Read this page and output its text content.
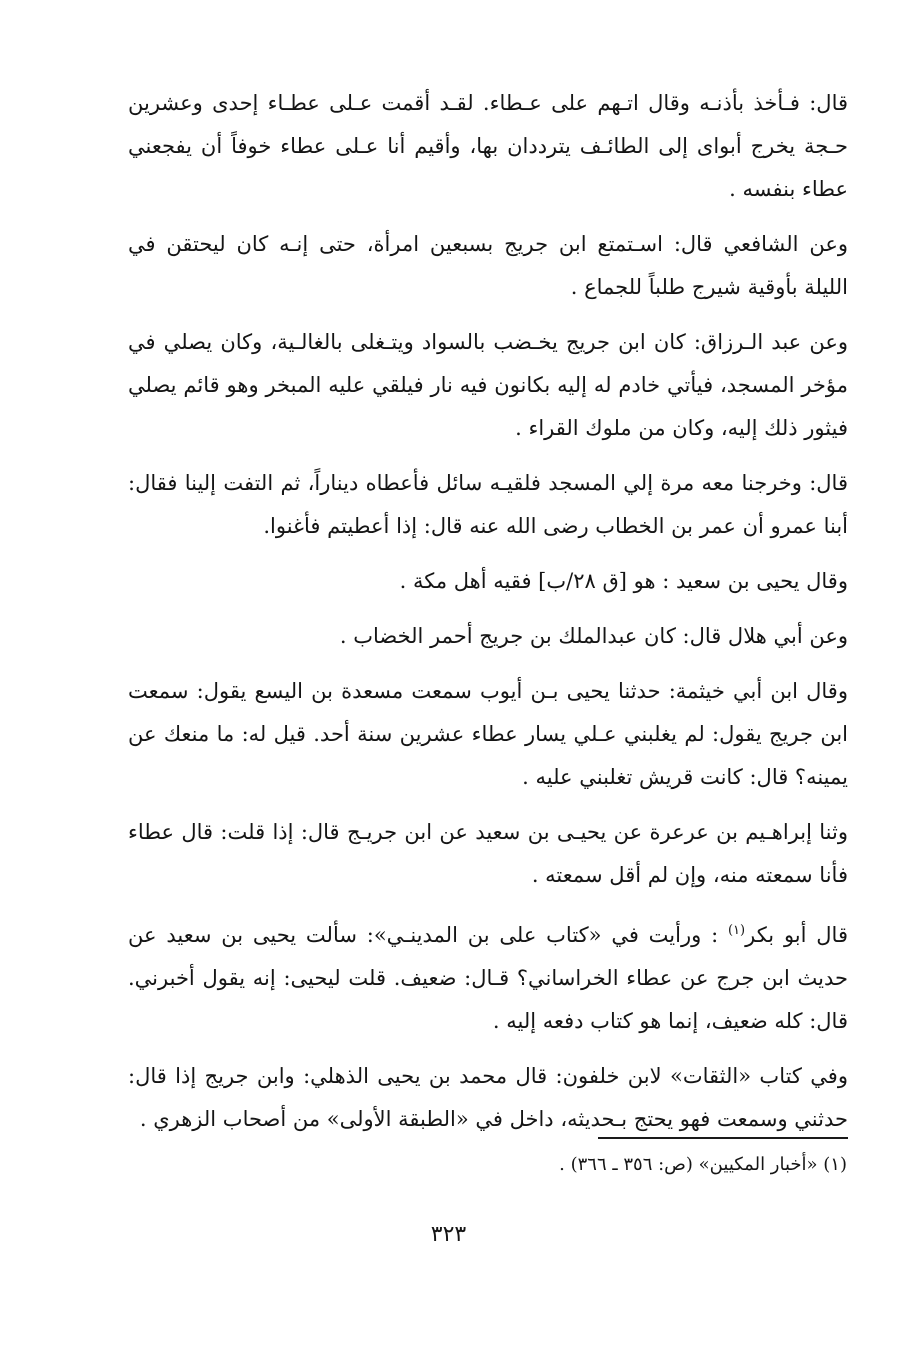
قال: فـأخذ بأذنـه وقال اتـهم على عـطاء. لقـد أقمت عـلى عطـاء إحدى وعشرين حـجة يخرج أبواى إلى الطائـف يترددان بها، وأقيم أنا عـلى عطاء خوفاً أن يفجعني عطاء بنفسه .

وعن الشافعي قال: اسـتمتع ابن جريج بسبعين امرأة، حتى إنـه كان ليحتقن في الليلة بأوقية شيرج طلباً للجماع .

وعن عبد الـرزاق: كان ابن جريج يخـضب بالسواد ويتـغلى بالغالـية، وكان يصلي في مؤخر المسجد، فيأتي خادم له إليه بكانون فيه نار فيلقي عليه المبخر وهو قائم يصلي فيثور ذلك إليه، وكان من ملوك القراء .

قال: وخرجنا معه مرة إلي المسجد فلقيـه سائل فأعطاه ديناراً، ثم التفت إلينا فقال: أبنا عمرو أن عمر بن الخطاب رضى الله عنه قال: إذا أعطيتم فأغنوا.

وقال يحيى بن سعيد : هو [ق ٢٨/ب] فقيه أهل مكة .

وعن أبي هلال قال: كان عبدالملك بن جريج أحمر الخضاب .

وقال ابن أبي خيثمة: حدثنا يحيى بـن أيوب سمعت مسعدة بن اليسع يقول: سمعت ابن جريج يقول: لم يغلبني عـلي يسار عطاء عشرين سنة أحد. قيل له: ما منعك عن يمينه؟ قال: كانت قريش تغلبني عليه .

وثنا إبراهـيم بن عرعرة عن يحيـى بن سعيد عن ابن جريـج قال: إذا قلت: قال عطاء فأنا سمعته منه، وإن لم أقل سمعته .

قال أبو بكر$^{(١)}$ : ورأيت في «كتاب على بن المدينـي»: سألت يحيى بن سعيد عن حديث ابن جرج عن عطاء الخراساني؟ قـال: ضعيف. قلت ليحيى: إنه يقول أخبرني. قال: كله ضعيف، إنما هو كتاب دفعه إليه .

وفي كتاب «الثقات» لابن خلفون: قال محمد بن يحيى الذهلي: وابن جريج إذا قال: حدثني وسمعت فهو يحتج بـحديثه، داخل في «الطبقة الأولى» من أصحاب الزهري .

(١) «أخبار المكيين» (ص: ٣٥٦ ـ ٣٦٦) .
٣٢٣
